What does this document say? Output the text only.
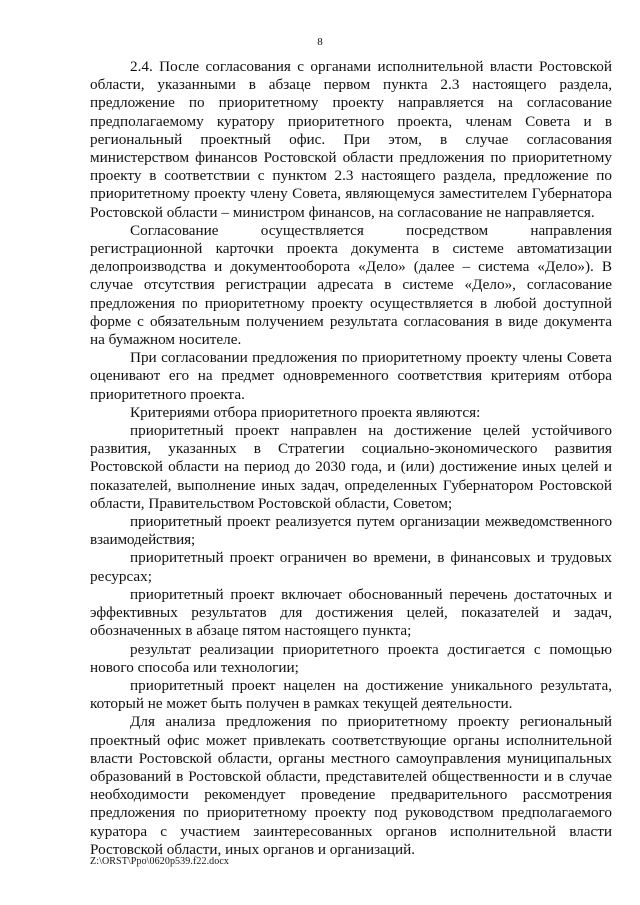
8

2.4. После согласования с органами исполнительной власти Ростовской области, указанными в абзаце первом пункта 2.3 настоящего раздела, предложение по приоритетному проекту направляется на согласование предполагаемому куратору приоритетного проекта, членам Совета и в региональный проектный офис. При этом, в случае согласования министерством финансов Ростовской области предложения по приоритетному проекту в соответствии с пунктом 2.3 настоящего раздела, предложение по приоритетному проекту члену Совета, являющемуся заместителем Губернатора Ростовской области – министром финансов, на согласование не направляется.

Согласование осуществляется посредством направления регистрационной карточки проекта документа в системе автоматизации делопроизводства и документооборота «Дело» (далее – система «Дело»). В случае отсутствия регистрации адресата в системе «Дело», согласование предложения по приоритетному проекту осуществляется в любой доступной форме с обязательным получением результата согласования в виде документа на бумажном носителе.

При согласовании предложения по приоритетному проекту члены Совета оценивают его на предмет одновременного соответствия критериям отбора приоритетного проекта.

Критериями отбора приоритетного проекта являются:

приоритетный проект направлен на достижение целей устойчивого развития, указанных в Стратегии социально-экономического развития Ростовской области на период до 2030 года, и (или) достижение иных целей и показателей, выполнение иных задач, определенных Губернатором Ростовской области, Правительством Ростовской области, Советом;

приоритетный проект реализуется путем организации межведомственного взаимодействия;

приоритетный проект ограничен во времени, в финансовых и трудовых ресурсах;

приоритетный проект включает обоснованный перечень достаточных и эффективных результатов для достижения целей, показателей и задач, обозначенных в абзаце пятом настоящего пункта;

результат реализации приоритетного проекта достигается с помощью нового способа или технологии;

приоритетный проект нацелен на достижение уникального результата, который не может быть получен в рамках текущей деятельности.

Для анализа предложения по приоритетному проекту региональный проектный офис может привлекать соответствующие органы исполнительной власти Ростовской области, органы местного самоуправления муниципальных образований в Ростовской области, представителей общественности и в случае необходимости рекомендует проведение предварительного рассмотрения предложения по приоритетному проекту под руководством предполагаемого куратора с участием заинтересованных органов исполнительной власти Ростовской области, иных органов и организаций.

Z:\ORST\Ppo\0620p539.f22.docx
